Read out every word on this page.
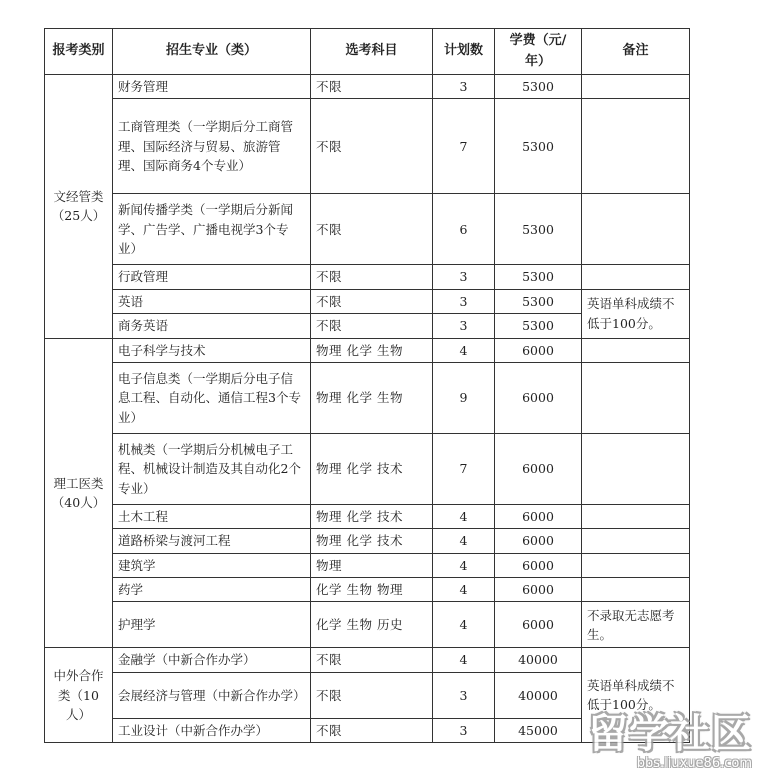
报考类别	招生专业（类）	选考科目	计划数	学费（元/年）	备注
文经管类（25人）	财务管理	不限	3	5300	
	工商管理类（一学期后分工商管理、国际经济与贸易、旅游管理、国际商务4个专业）	不限	7	5300	
	新闻传播学类（一学期后分新闻学、广告学、广播电视学3个专业）	不限	6	5300	
	行政管理	不限	3	5300	
	英语	不限	3	5300	英语单科成绩不低于100分。
	商务英语	不限	3	5300	
理工医类（40人）	电子科学与技术	物理 化学 生物	4	6000	
	电子信息类（一学期后分电子信息工程、自动化、通信工程3个专业）	物理 化学 生物	9	6000	
	机械类（一学期后分机械电子工程、机械设计制造及其自动化2个专业）	物理 化学 技术	7	6000	
	土木工程	物理 化学 技术	4	6000	
	道路桥梁与渡河工程	物理 化学 技术	4	6000	
	建筑学	物理	4	6000	
	药学	化学 生物 物理	4	6000	
	护理学	化学 生物 历史	4	6000	不录取无志愿考生。
中外合作类（10人）	金融学（中新合作办学）	不限	4	40000	英语单科成绩不低于100分。
	会展经济与管理（中新合作办学）	不限	3	40000	
	工业设计（中新合作办学）	不限	3	45000	留学社区
bbs.liuxue86.com
